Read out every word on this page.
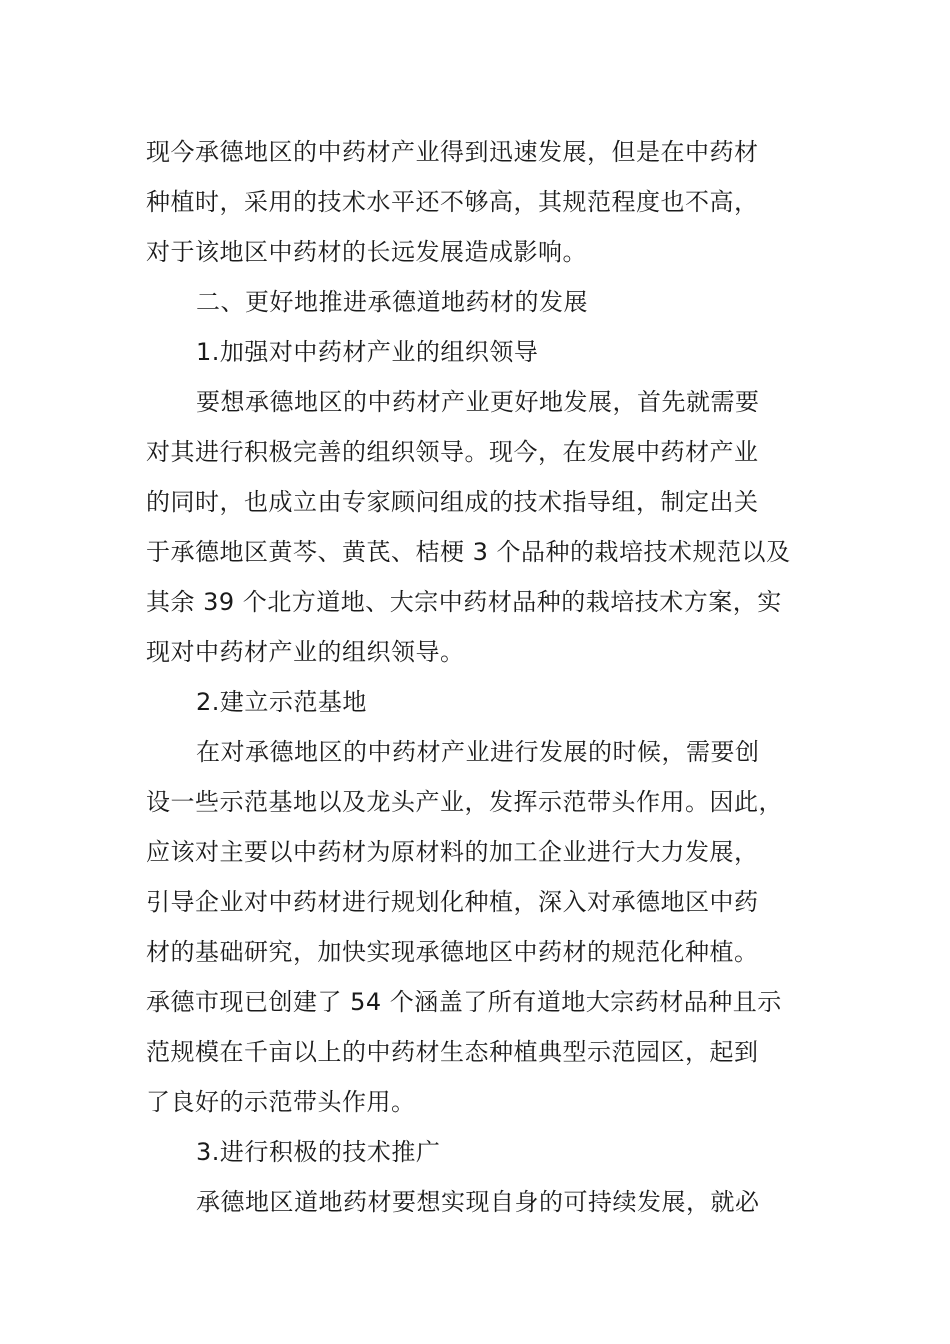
现今承德地区的中药材产业得到迅速发展，但是在中药材
种植时，采用的技术水平还不够高，其规范程度也不高，
对于该地区中药材的长远发展造成影响。
二、更好地推进承德道地药材的发展
1.加强对中药材产业的组织领导
要想承德地区的中药材产业更好地发展，首先就需要
对其进行积极完善的组织领导。现今，在发展中药材产业
的同时，也成立由专家顾问组成的技术指导组，制定出关
于承德地区黄芩、黄芪、桔梗 3 个品种的栽培技术规范以及
其余 39 个北方道地、大宗中药材品种的栽培技术方案，实
现对中药材产业的组织领导。
2.建立示范基地
在对承德地区的中药材产业进行发展的时候，需要创
设一些示范基地以及龙头产业，发挥示范带头作用。因此，
应该对主要以中药材为原材料的加工企业进行大力发展，
引导企业对中药材进行规划化种植，深入对承德地区中药
材的基础研究，加快实现承德地区中药材的规范化种植。
承德市现已创建了 54 个涵盖了所有道地大宗药材品种且示
范规模在千亩以上的中药材生态种植典型示范园区，起到
了良好的示范带头作用。
3.进行积极的技术推广
承德地区道地药材要想实现自身的可持续发展，就必
